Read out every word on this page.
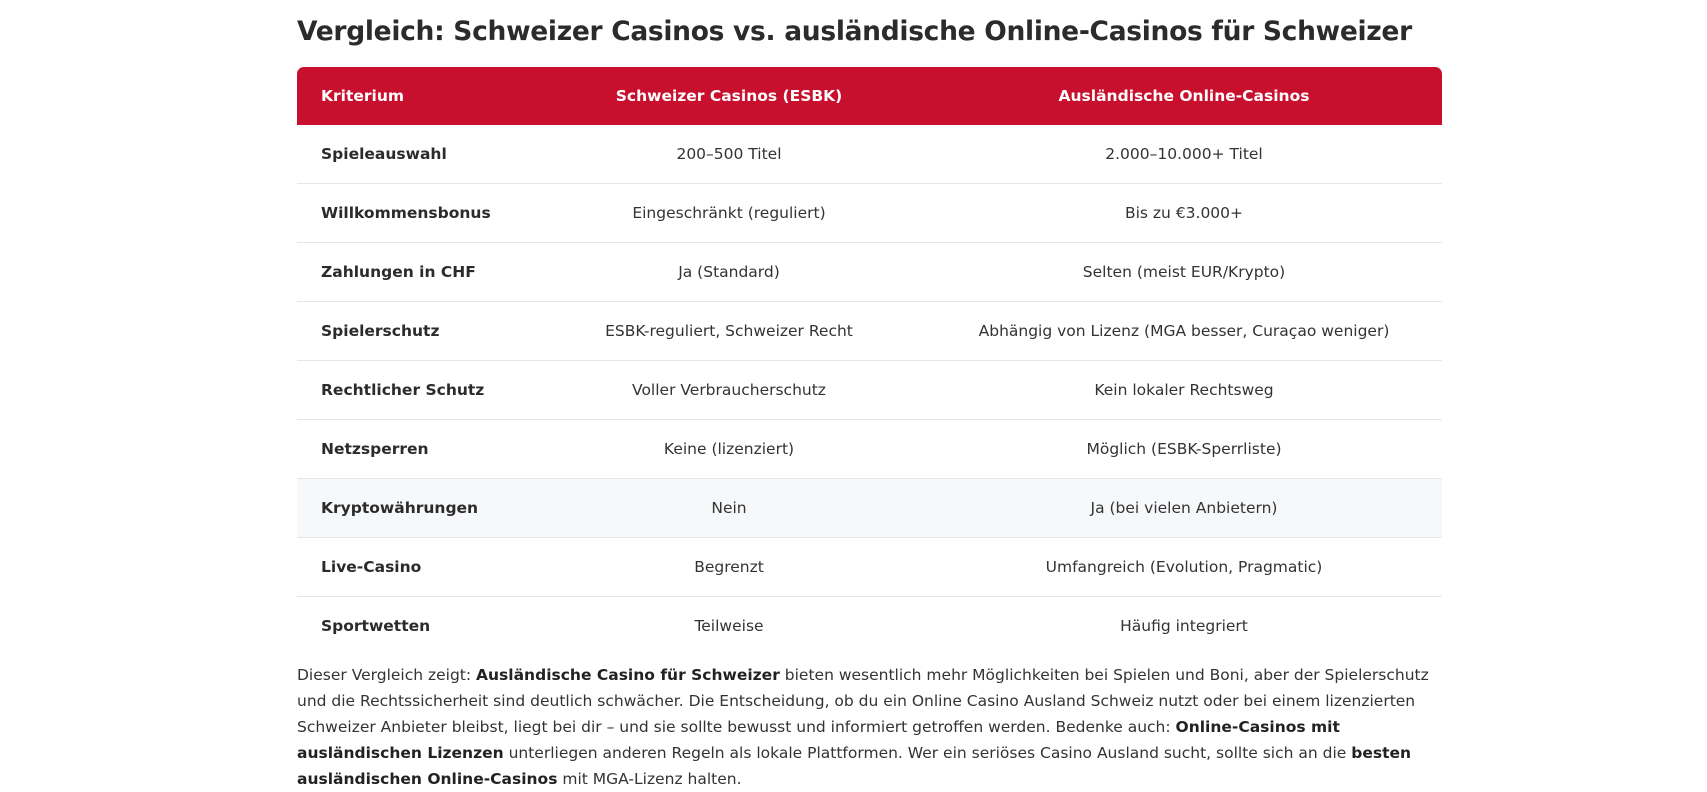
Vergleich: Schweizer Casinos vs. ausländische Online-Casinos für Schweizer
Kriterium	Schweizer Casinos (ESBK)	Ausländische Online-Casinos
Spieleauswahl	200–500 Titel	2.000–10.000+ Titel
Willkommensbonus	Eingeschränkt (reguliert)	Bis zu €3.000+
Zahlungen in CHF	Ja (Standard)	Selten (meist EUR/Krypto)
Spielerschutz	ESBK-reguliert, Schweizer Recht	Abhängig von Lizenz (MGA besser, Curaçao weniger)
Rechtlicher Schutz	Voller Verbraucherschutz	Kein lokaler Rechtsweg
Netzsperren	Keine (lizenziert)	Möglich (ESBK-Sperrliste)
Kryptowährungen	Nein	Ja (bei vielen Anbietern)
Live-Casino	Begrenzt	Umfangreich (Evolution, Pragmatic)
Sportwetten	Teilweise	Häufig integriert

Dieser Vergleich zeigt: Ausländische Casino für Schweizer bieten wesentlich mehr Möglichkeiten bei Spielen und Boni, aber der Spielerschutz und die Rechtssicherheit sind deutlich schwächer. Die Entscheidung, ob du ein Online Casino Ausland Schweiz nutzt oder bei einem lizenzierten Schweizer Anbieter bleibst, liegt bei dir – und sie sollte bewusst und informiert getroffen werden. Bedenke auch: Online-Casinos mit ausländischen Lizenzen unterliegen anderen Regeln als lokale Plattformen. Wer ein seriöses Casino Ausland sucht, sollte sich an die besten ausländischen Online-Casinos mit MGA-Lizenz halten.
